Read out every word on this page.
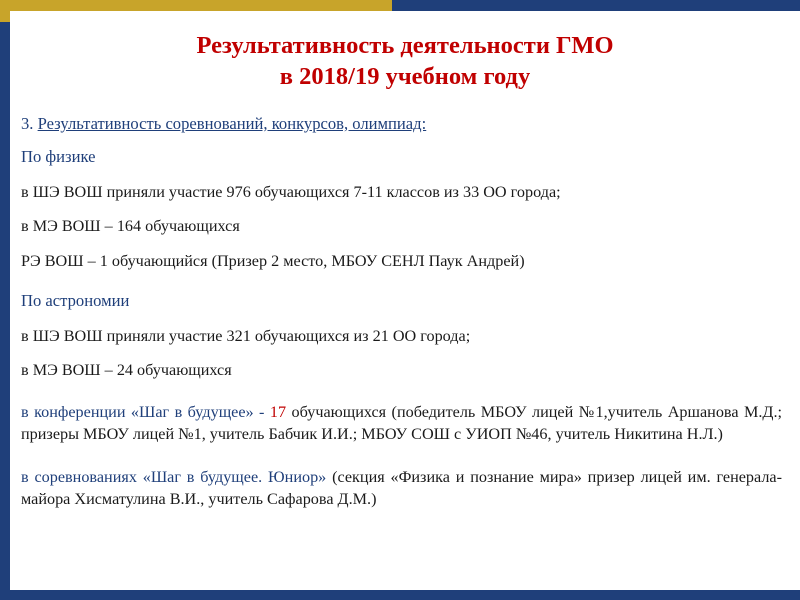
Результативность деятельности ГМО
в 2018/19 учебном году
3. Результативность соревнований, конкурсов, олимпиад:
По физике
в ШЭ ВОШ приняли участие 976 обучающихся 7-11 классов из 33 ОО города;
в МЭ ВОШ – 164 обучающихся
РЭ ВОШ – 1 обучающийся (Призер 2 место, МБОУ СЕНЛ Паук Андрей)
По астрономии
в ШЭ ВОШ приняли участие 321 обучающихся из 21 ОО города;
в МЭ ВОШ – 24 обучающихся
в конференции «Шаг в будущее» - 17 обучающихся (победитель МБОУ лицей №1,учитель Аршанова М.Д.; призеры МБОУ лицей №1, учитель Бабчик И.И.; МБОУ СОШ с УИОП №46, учитель Никитина Н.Л.)
в соревнованиях «Шаг в будущее. Юниор» (секция «Физика и познание мира» призер лицей им. генерала-майора Хисматулина В.И., учитель Сафарова Д.М.)
